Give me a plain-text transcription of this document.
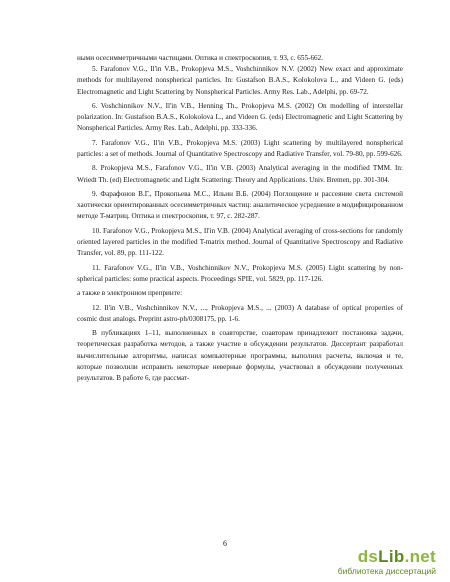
ными осесимметричными частицами. Оптика и спектроскопия, т. 93, с. 655-662.

5. Farafonov V.G., Il'in V.B., Prokopjeva M.S., Voshchinnikov N.V. (2002) New exact and approximate methods for multilayered nonspherical particles. In: Gustafson B.A.S., Kolokolova L., and Videen G. (eds) Electromagnetic and Light Scattering by Nonspherical Particles. Army Res. Lab., Adelphi, pp. 69-72.

6. Voshchinnikov N.V., Il'in V.B., Henning Th., Prokopjeva M.S. (2002) On modelling of interstellar polarization. In: Gustafson B.A.S., Kolokolova L., and Videen G. (eds) Electromagnetic and Light Scattering by Nonspherical Particles. Army Res. Lab., Adelphi, pp. 333-336.

7. Farafonov V.G., Il'in V.B., Prokopjeva M.S. (2003) Light scattering by multilayered nonspherical particles: a set of methods. Journal of Quantitative Spectroscopy and Radiative Transfer, vol. 79-80, pp. 599-626.

8. Prokopjeva M.S., Farafonov V.G., Il'in V.B. (2003) Analytical averaging in the modified TMM. In: Wriedt Th. (ed) Electromagnetic and Light Scattering: Theory and Applications. Univ. Bremen, pp. 301-304.

9. Фарафонов В.Г., Прокопьева М.С., Ильин В.Б. (2004) Поглощение и рассеяние света системой хаотически ориентированных осесимметричных частиц: аналитическое усреднение в модифицированном методе T-матриц. Оптика и спектроскопия, т. 97, с. 282-287.

10. Farafonov V.G., Prokopjeva M.S., Il'in V.B. (2004) Analytical averaging of cross-sections for randomly oriented layered particles in the modified T-matrix method. Journal of Quantitative Spectroscopy and Radiative Transfer, vol. 89, pp. 111-122.

11. Farafonov V.G., Il'in V.B., Voshchinnikov N.V., Prokopjeva M.S. (2005) Light scattering by non-spherical particles: some practical aspects. Proceedings SPIE, vol. 5829, pp. 117-126.

а также в электронном препринте:

12. Il'in V.B., Voshchinnikov N.V., ..., Prokopjeva M.S., ... (2003) A database of optical properties of cosmic dust analogs. Preprint astro-ph/0308175, pp. 1-6.

В публикациях 1–11, выполненных в соавторстве, соавторам принадлежит постановка задачи, теоретическая разработка методов, а также участие в обсуждении результатов. Диссертант разработал вычислительные алгоритмы, написал компьютерные программы, выполнил расчеты, включая и те, которые позволили исправить некоторые неверные формулы, участвовал в обсуждении полученных результатов. В работе 6, где рассмат-

6
dsLib.net
библиотека диссертаций
